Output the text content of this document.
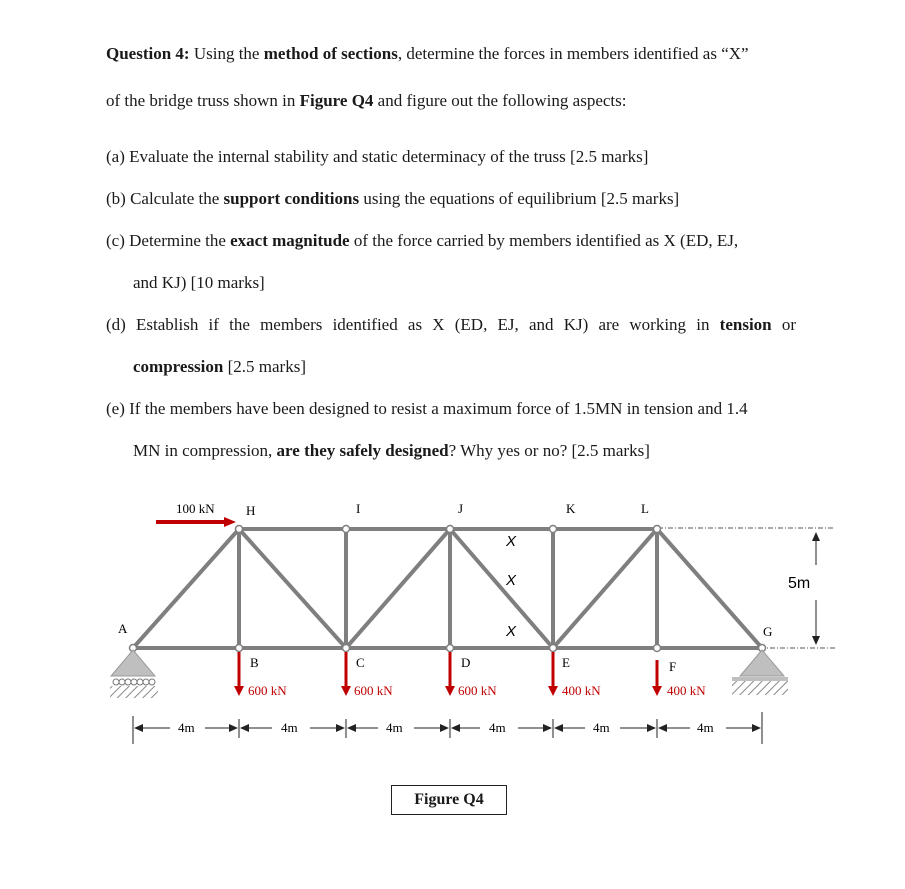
Question 4: Using the method of sections, determine the forces in members identified as “X”
of the bridge truss shown in Figure Q4 and figure out the following aspects:
(a) Evaluate the internal stability and static determinacy of the truss [2.5 marks]
(b) Calculate the support conditions using the equations of equilibrium [2.5 marks]
(c) Determine the exact magnitude of the force carried by members identified as X (ED, EJ,
and KJ) [10 marks]
(d) Establish if the members identified as X (ED, EJ, and KJ) are working in tension or
compression [2.5 marks]
(e) If the members have been designed to resist a maximum force of 1.5MN in tension and 1.4
MN in compression, are they safely designed? Why yes or no? [2.5 marks]
100 kN H	I	J	K	L
A	G
B	C	D	E	F
X
X
X
600 kN	600 kN	600 kN	400 kN	400 kN
5m
4m	4m	4m	4m	4m	4m
Figure Q4
